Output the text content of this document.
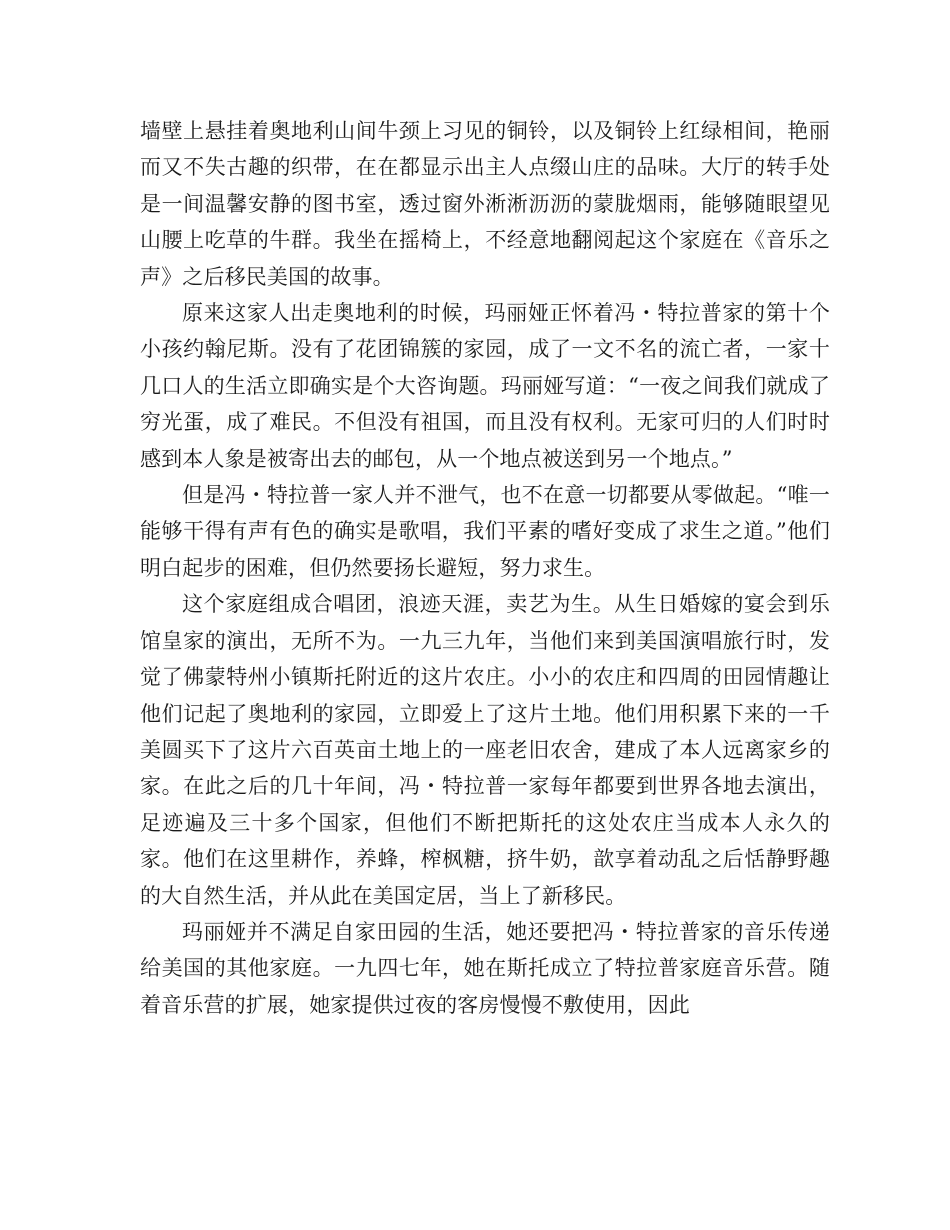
墙壁上悬挂着奥地利山间牛颈上习见的铜铃，以及铜铃上红绿相间，艳丽而又不失古趣的织带，在在都显示出主人点缀山庄的品味。大厅的转手处是一间温馨安静的图书室，透过窗外淅淅沥沥的蒙胧烟雨，能够随眼望见山腰上吃草的牛群。我坐在摇椅上，不经意地翻阅起这个家庭在《音乐之声》之后移民美国的故事。

原来这家人出走奥地利的时候，玛丽娅正怀着冯・特拉普家的第十个小孩约翰尼斯。没有了花团锦簇的家园，成了一文不名的流亡者，一家十几口人的生活立即确实是个大咨询题。玛丽娅写道：“一夜之间我们就成了穷光蛋，成了难民。不但没有祖国，而且没有权利。无家可归的人们时时感到本人象是被寄出去的邮包，从一个地点被送到另一个地点。”

但是冯・特拉普一家人并不泄气，也不在意一切都要从零做起。“唯一能够干得有声有色的确实是歌唱，我们平素的嗜好变成了求生之道。”他们明白起步的困难，但仍然要扬长避短，努力求生。

这个家庭组成合唱团，浪迹天涯，卖艺为生。从生日婚嫁的宴会到乐馆皇家的演出，无所不为。一九三九年，当他们来到美国演唱旅行时，发觉了佛蒙特州小镇斯托附近的这片农庄。小小的农庄和四周的田园情趣让他们记起了奥地利的家园，立即爱上了这片土地。他们用积累下来的一千美圆买下了这片六百英亩土地上的一座老旧农舍，建成了本人远离家乡的家。在此之后的几十年间，冯・特拉普一家每年都要到世界各地去演出，足迹遍及三十多个国家，但他们不断把斯托的这处农庄当成本人永久的家。他们在这里耕作，养蜂，榨枫糖，挤牛奶，歆享着动乱之后恬静野趣的大自然生活，并从此在美国定居，当上了新移民。

玛丽娅并不满足自家田园的生活，她还要把冯・特拉普家的音乐传递给美国的其他家庭。一九四七年，她在斯托成立了特拉普家庭音乐营。随着音乐营的扩展，她家提供过夜的客房慢慢不敷使用，因此
